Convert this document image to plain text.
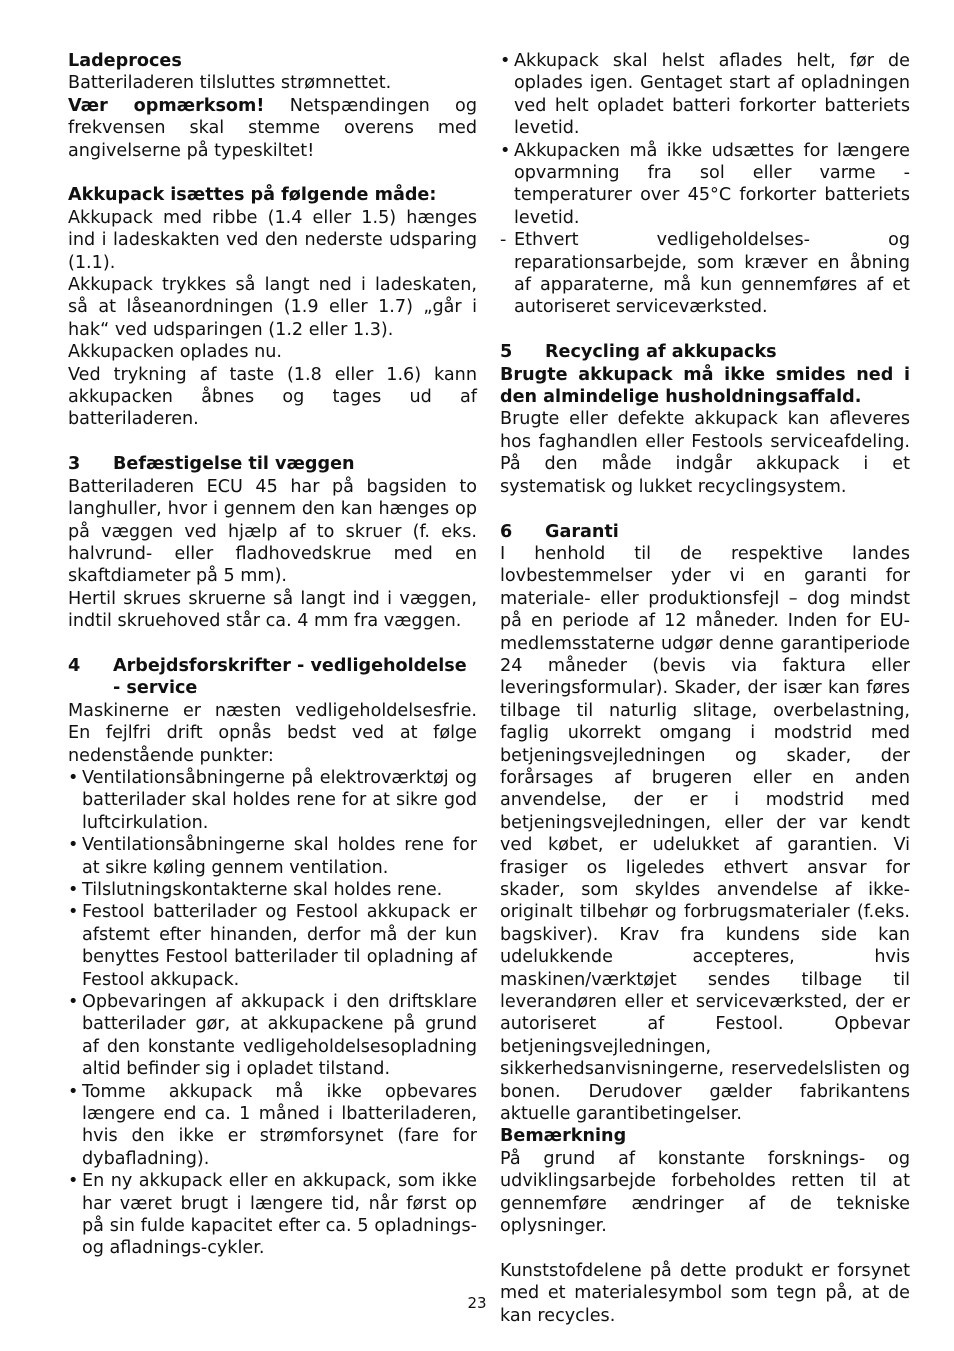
Ladeproces

Batteriladeren tilsluttes strømnettet.

Vær opmærksom! Netspændingen og frekvensen skal stemme overens med angivelserne på typeskiltet!

Akkupack isættes på følgende måde:

Akkupack med ribbe (1.4 eller 1.5) hænges ind i ladeskakten ved den nederste udsparing (1.1).

Akkupack trykkes så langt ned i ladeskaten, så at låseanordningen (1.9 eller 1.7) „går i hak“ ved udsparingen (1.2 eller 1.3).

Akkupacken oplades nu.

Ved trykning af taste (1.8 eller 1.6) kann akkupacken åbnes og tages ud af batteriladeren.

3	Befæstigelse til væggen

Batteriladeren ECU 45 har på bagsiden to langhuller, hvor i gennem den kan hænges op på væggen ved hjælp af to skruer (f. eks. halvrund- eller fladhovedskrue med en skaftdiameter på 5 mm).

Hertil skrues skruerne så langt ind i væggen, indtil skruehoved står ca. 4 mm fra væggen.

4	Arbejdsforskrifter - vedligeholdelse - service

Maskinerne er næsten vedligeholdelsesfrie. En fejlfri drift opnås bedst ved at følge nedenstående punkter:

• Ventilationsåbningerne på elektroværktøj og batterilader skal holdes rene for at sikre god luftcirkulation.
• Ventilationsåbningerne skal holdes rene for at sikre køling gennem ventilation.
• Tilslutningskontakterne skal holdes rene.
• Festool batterilader og Festool akkupack er afstemt efter hinanden, derfor må der kun benyttes Festool batterilader til opladning af Festool akkupack.
• Opbevaringen af akkupack i den driftsklare batterilader gør, at akkupackene på grund af den konstante vedligeholdelsesopladning altid befinder sig i opladet tilstand.
• Tomme akkupack må ikke opbevares længere end ca. 1 måned i lbatteriladeren, hvis den ikke er strømforsynet (fare for dybafladning).
• En ny akkupack eller en akkupack, som ikke har været brugt i længere tid, når først op på sin fulde kapacitet efter ca. 5 opladnings- og afladnings-cykler.
• Akkupack skal helst aflades helt, før de oplades igen. Gentaget start af opladningen ved helt opladet batteri forkorter batteriets levetid.
• Akkupacken må ikke udsættes for længere opvarmning fra sol eller varme - temperaturer over 45°C forkorter batteriets levetid.
- Ethvert vedligeholdelses- og reparationsarbejde, som kræver en åbning af apparaterne, må kun gennemføres af et autoriseret serviceværksted.
5	Recycling af akkupacks

Brugte akkupack må ikke smides ned i den almindelige husholdningsaffald.

Brugte eller defekte akkupack kan afleveres hos faghandlen eller Festools serviceafdeling. På den måde indgår akkupack i et systematisk og lukket recyclingsystem.

6	Garanti

I henhold til de respektive landes lovbestemmelser yder vi en garanti for materiale- eller produktionsfejl – dog mindst på en periode af 12 måneder. Inden for EU-medlemsstaterne udgør denne garantiperiode 24 måneder (bevis via faktura eller leveringsformular). Skader, der især kan føres tilbage til naturlig slitage, overbelastning, faglig ukorrekt omgang i modstrid med betjeningsvejledningen og skader, der forårsages af brugeren eller en anden anvendelse, der er i modstrid med betjeningsvejledningen, eller der var kendt ved købet, er udelukket af garantien. Vi frasiger os ligeledes ethvert ansvar for skader, som skyldes anvendelse af ikke-originalt tilbehør og forbrugsmaterialer (f.eks. bagskiver). Krav fra kundens side kan udelukkende accepteres, hvis maskinen/værktøjet sendes tilbage til leverandøren eller et serviceværksted, der er autoriseret af Festool. Opbevar betjeningsvejledningen, sikkerhedsanvisningerne, reservedelslisten og bonen. Derudover gælder fabrikantens aktuelle garantibetingelser.

Bemærkning

På grund af konstante forsknings- og udviklingsarbejde forbeholdes retten til at gennemføre ændringer af de tekniske oplysninger.

Kunststofdelene på dette produkt er forsynet med et materialesymbol som tegn på, at de kan recycles.

23
